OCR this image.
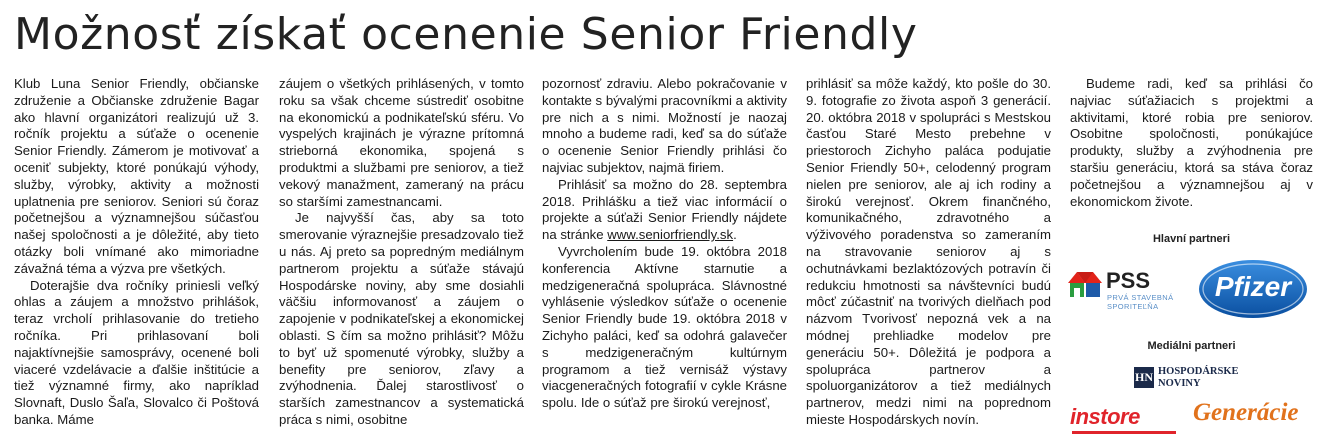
Možnosť získať ocenenie Senior Friendly

Klub Luna Senior Friendly, občianske združenie a Občianske združenie Bagar ako hlavní organizátori realizujú už 3. ročník projektu a súťaže o ocenenie Senior Friendly. Zámerom je motivovať a oceniť subjekty, ktoré ponúkajú výhody, služby, výrobky, aktivity a možnosti uplatnenia pre seniorov. Seniori sú čoraz početnejšou a významnejšou súčasťou našej spoločnosti a je dôležité, aby tieto otázky boli vnímané ako mimoriadne závažná téma a výzva pre všetkých.

Doterajšie dva ročníky priniesli veľký ohlas a záujem a množstvo prihlášok, teraz vrcholí prihlasovanie do tretieho ročníka. Pri prihlasovaní boli najaktívnejšie samosprávy, ocenené boli viaceré vzdelávacie a ďalšie inštitúcie a tiež významné firmy, ako napríklad Slovnaft, Duslo Šaľa, Slovalco či Poštová banka. Máme

záujem o všetkých prihlásených, v tomto roku sa však chceme sústrediť osobitne na ekonomickú a podnikateľskú sféru. Vo vyspelých krajinách je výrazne prítomná strieborná ekonomika, spojená s produktmi a službami pre seniorov, a tiež vekový manažment, zameraný na prácu so staršími zamestnancami.

Je najvyšší čas, aby sa toto smerovanie výraznejšie presadzovalo tiež u nás. Aj preto sa popredným mediálnym partnerom projektu a súťaže stávajú Hospodárske noviny, aby sme dosiahli väčšiu informovanosť a záujem o zapojenie v podnikateľskej a ekonomickej oblasti. S čím sa možno prihlásiť? Môžu to byť už spomenuté výrobky, služby a benefity pre seniorov, zľavy a zvýhodnenia. Ďalej starostlivosť o starších zamestnancov a systematická práca s nimi, osobitne

pozornosť zdraviu. Alebo pokračovanie v kontakte s bývalými pracovníkmi a aktivity pre nich a s nimi. Možností je naozaj mnoho a budeme radi, keď sa do súťaže o ocenenie Senior Friendly prihlási čo najviac subjektov, najmä firiem.

Prihlásiť sa možno do 28. septembra 2018. Prihlášku a tiež viac informácií o projekte a súťaži Senior Friendly nájdete na stránke www.seniorfriendly.sk.

Vyvrcholením bude 19. októbra 2018 konferencia Aktívne starnutie a medzigeneračná spolupráca. Slávnostné vyhlásenie výsledkov súťaže o ocenenie Senior Friendly bude 19. októbra 2018 v Zichyho paláci, keď sa odohrá galavečer s medzigeneračným kultúrnym programom a tiež vernisáž výstavy viacgeneračných fotografií v cykle Krásne spolu. Ide o súťaž pre širokú verejnosť,

prihlásiť sa môže každý, kto pošle do 30. 9. fotografie zo života aspoň 3 generácií. 20. októbra 2018 v spolupráci s Mestskou časťou Staré Mesto prebehne v priestoroch Zichyho paláca podujatie Senior Friendly 50+, celodenný program nielen pre seniorov, ale aj ich rodiny a širokú verejnosť. Okrem finančného, komunikačného, zdravotného a výživového poradenstva so zameraním na stravovanie seniorov aj s ochutnávkami bezlaktózových potravín či redukciu hmotnosti sa návštevníci budú môcť zúčastniť na tvorivých dielňach pod názvom Tvorivosť nepozná vek a na módnej prehliadke modelov pre generáciu 50+. Dôležitá je podpora a spolupráca partnerov a spoluorganizátorov a tiež mediálnych partnerov, medzi nimi na poprednom mieste Hospodárskych novín.

Budeme radi, keď sa prihlási čo najviac súťažiacich s projektmi a aktivitami, ktoré robia pre seniorov. Osobitne spoločnosti, ponúkajúce produkty, služby a zvýhodnenia pre staršiu generáciu, ktorá sa stáva čoraz početnejšou a významnejšou aj v ekonomickom živote.

Hlavní partneri
PSS
PRVÁ STAVEBNÁ
SPORITEĽŇA
Pfizer
Mediálni partneri
HN HOSPODÁRSKE
NOVINY
instore	Generácie
